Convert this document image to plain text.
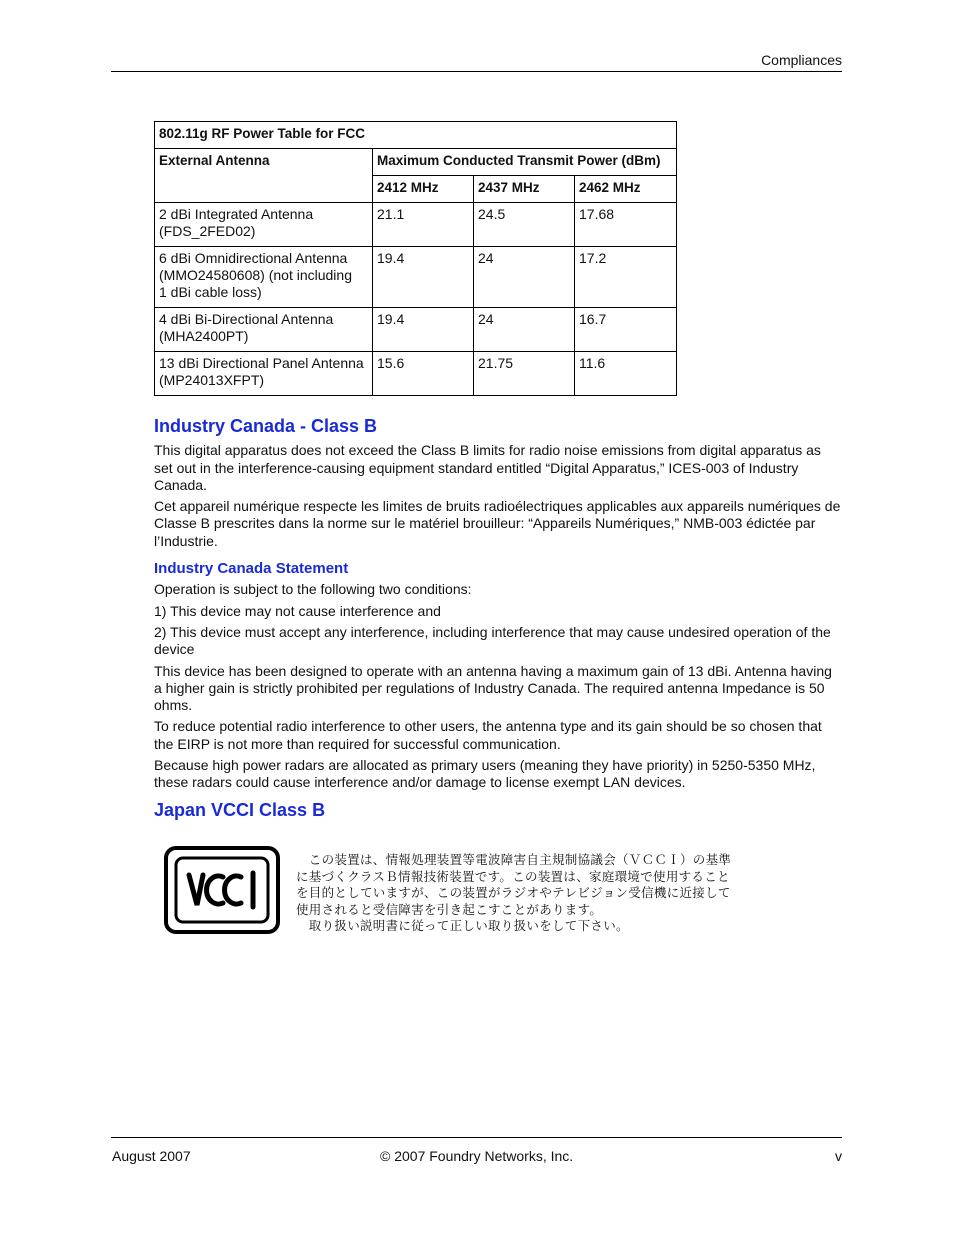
Compliances
802.11g RF Power Table for FCC			
External Antenna	Maximum Conducted Transmit Power (dBm)		
	2412 MHz	2437 MHz	2462 MHz
2 dBi Integrated Antenna
(FDS_2FED02)	21.1	24.5	17.68
6 dBi Omnidirectional Antenna
(MMO24580608) (not including
1 dBi cable loss)	19.4	24	17.2
4 dBi Bi-Directional Antenna
(MHA2400PT)	19.4	24	16.7
13 dBi Directional Panel Antenna
(MP24013XFPT)	15.6	21.75	11.6
Industry Canada - Class B

This digital apparatus does not exceed the Class B limits for radio noise emissions from digital apparatus as set out in the interference-causing equipment standard entitled “Digital Apparatus,” ICES-003 of Industry Canada.

Cet appareil numérique respecte les limites de bruits radioélectriques applicables aux appareils numériques de Classe B prescrites dans la norme sur le matériel brouilleur: “Appareils Numériques,” NMB-003 édictée par l’Industrie.

Industry Canada Statement

Operation is subject to the following two conditions:

1) This device may not cause interference and

2) This device must accept any interference, including interference that may cause undesired operation of the device

This device has been designed to operate with an antenna having a maximum gain of 13 dBi. Antenna having a higher gain is strictly prohibited per regulations of Industry Canada. The required antenna Impedance is 50 ohms.

To reduce potential radio interference to other users, the antenna type and its gain should be so chosen that the EIRP is not more than required for successful communication.

Because high power radars are allocated as primary users (meaning they have priority) in 5250-5350 MHz, these radars could cause interference and/or damage to license exempt LAN devices.

Japan VCCI Class B

　この装置は、情報処理装置等電波障害自主規制協議会（ＶＣＣＩ）の基準

に基づくクラスＢ情報技術装置です。この装置は、家庭環境で使用すること

を目的としていますが、この装置がラジオやテレビジョン受信機に近接して

使用されると受信障害を引き起こすことがあります。

　取り扱い説明書に従って正しい取り扱いをして下さい。

August 2007	© 2007 Foundry Networks, Inc.	v
